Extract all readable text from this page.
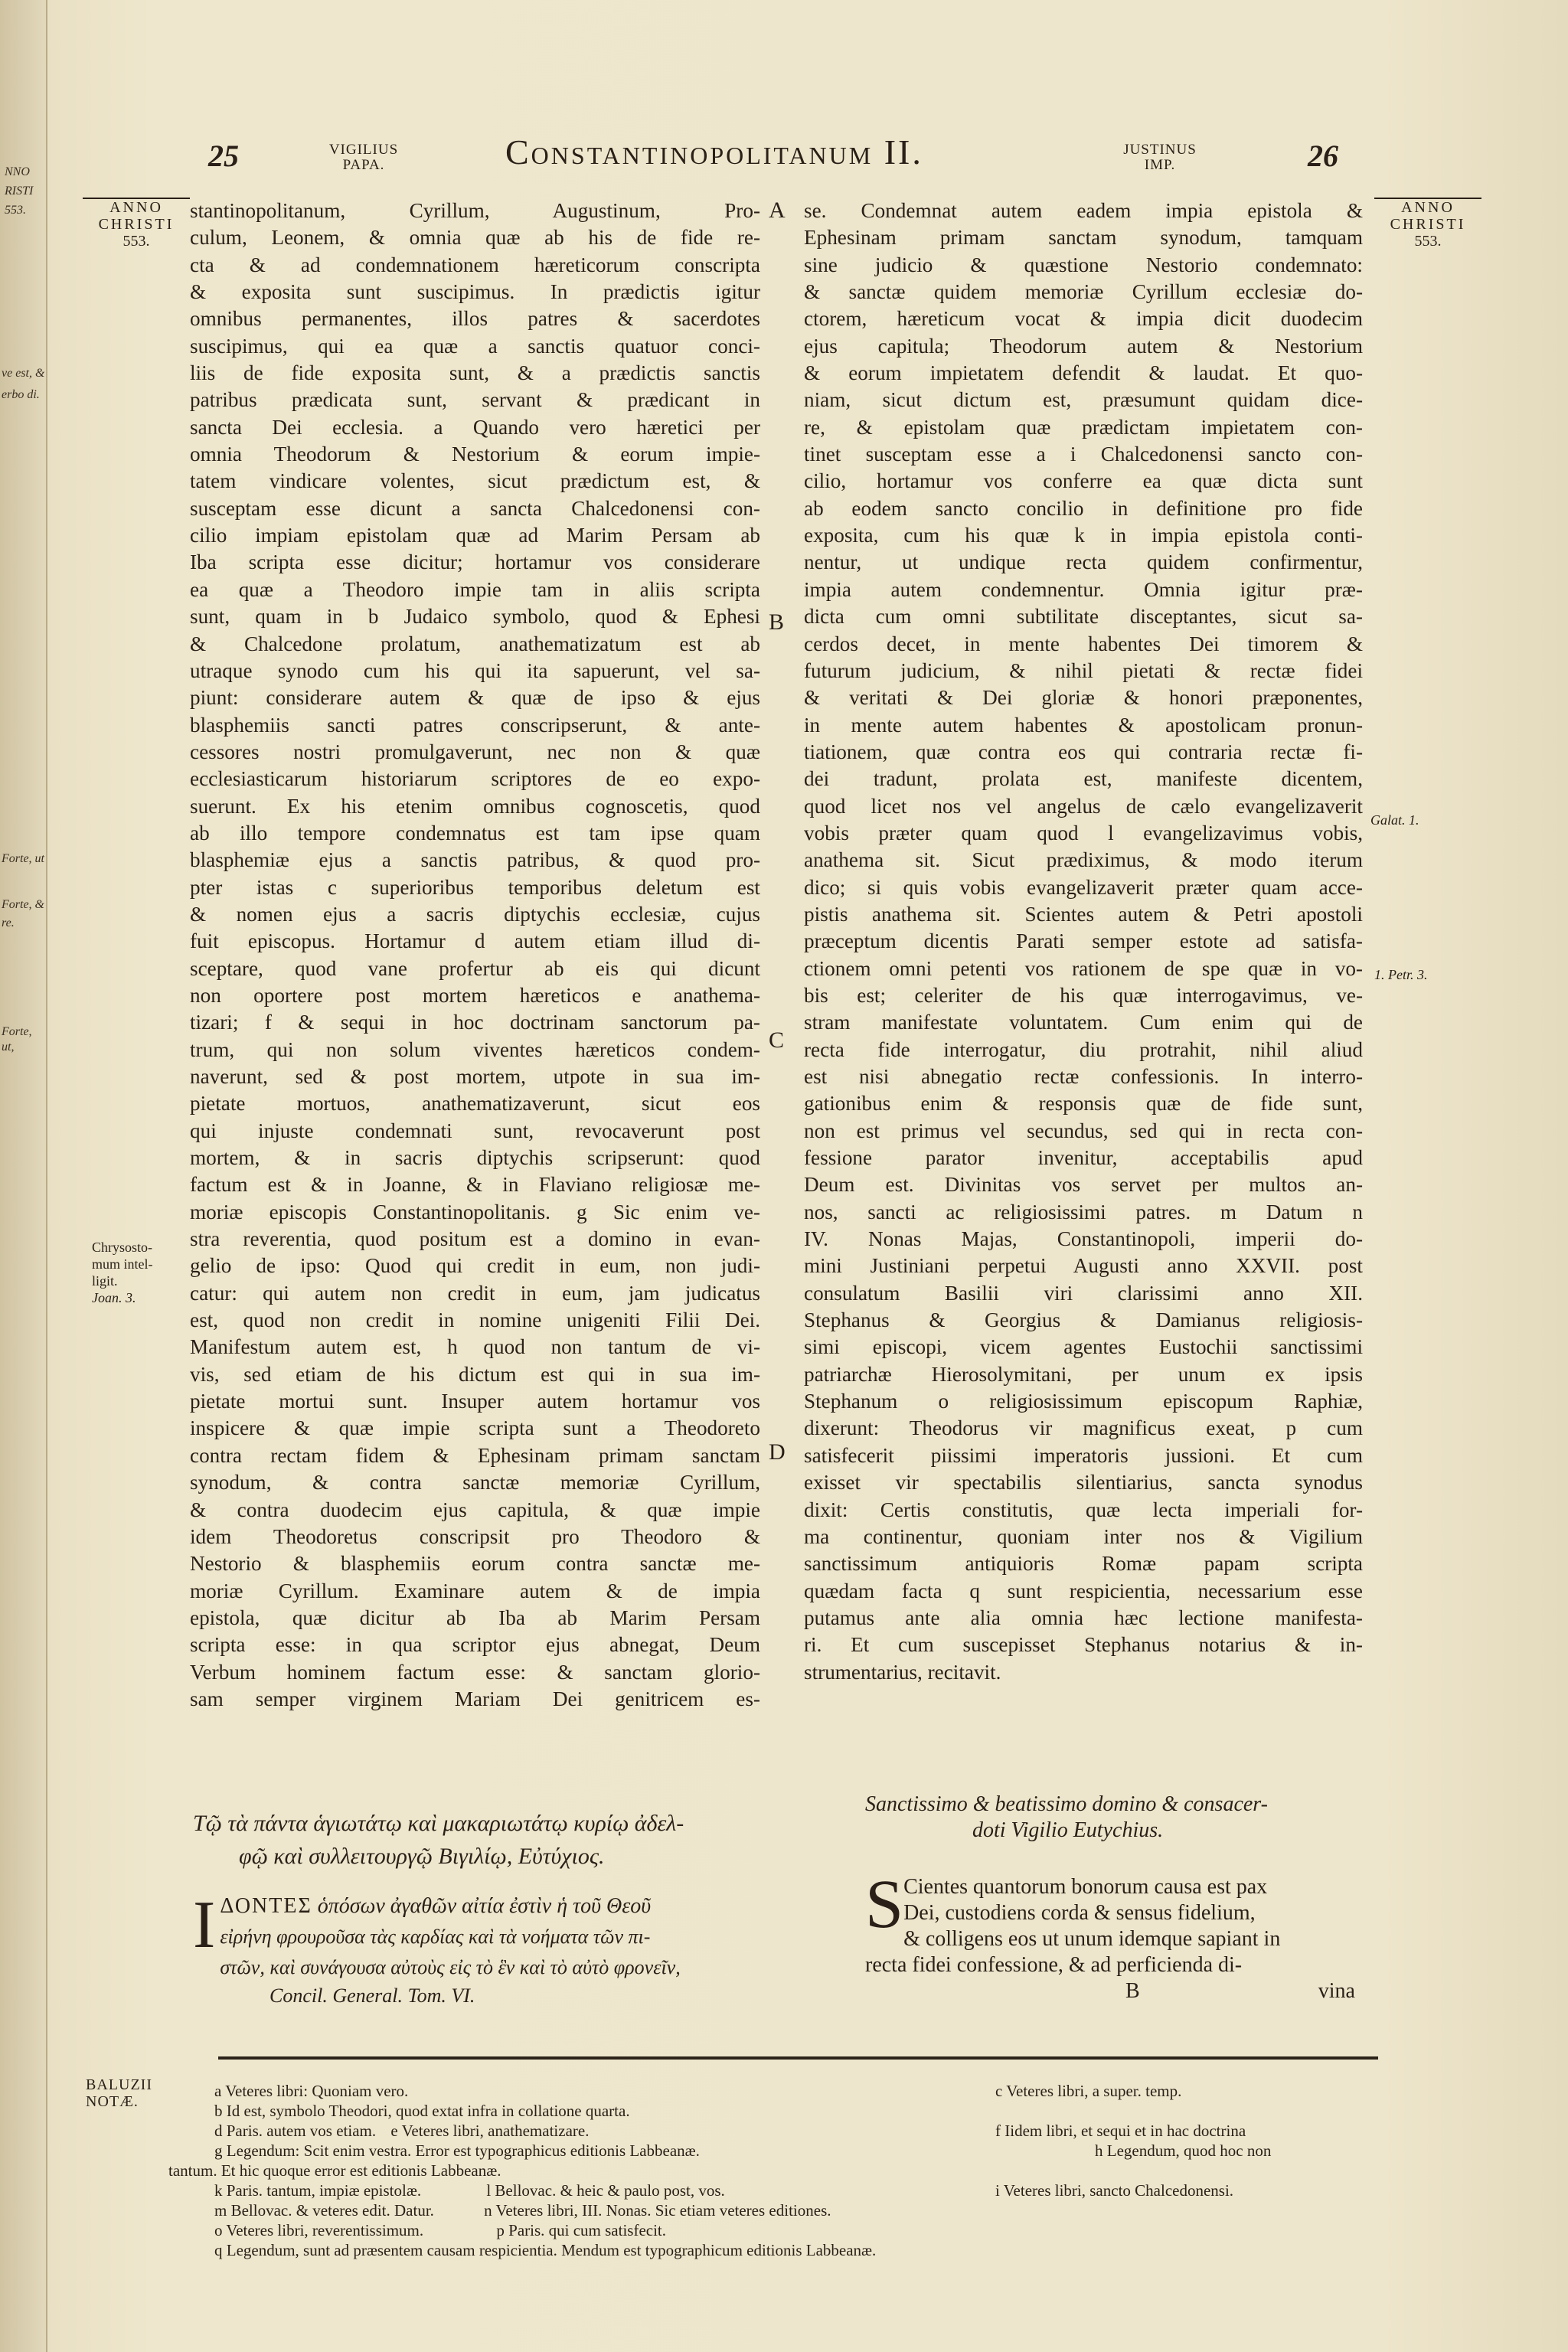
NNO
RISTI
553.
ve est, &
erbo di.
Forte, ut
Forte, &
re.
Forte, ut,
25	VIGILIUS
PAPA.	Constantinopolitanum II.	JUSTINUS
IMP.	26
ANNO
CHRISTI
553.
Chrysosto-
mum intel-
ligit.
Joan. 3.
ANNO
CHRISTI
553.
Galat. 1.
1. Petr. 3.
A
B
C
D
stantinopolitanum, Cyrillum, Augustinum, Pro-
culum, Leonem, & omnia quæ ab his de fide re-
cta & ad condemnationem hæreticorum conscripta
& exposita sunt suscipimus. In prædictis igitur
omnibus permanentes, illos patres & sacerdotes
suscipimus, qui ea quæ a sanctis quatuor conci-
liis de fide exposita sunt, & a prædictis sanctis
patribus prædicata sunt, servant & prædicant in
sancta Dei ecclesia. a Quando vero hæretici per
omnia Theodorum & Nestorium & eorum impie-
tatem vindicare volentes, sicut prædictum est, &
susceptam esse dicunt a sancta Chalcedonensi con-
cilio impiam epistolam quæ ad Marim Persam ab
Iba scripta esse dicitur; hortamur vos considerare
ea quæ a Theodoro impie tam in aliis scripta
sunt, quam in b Judaico symbolo, quod & Ephesi
& Chalcedone prolatum, anathematizatum est ab
utraque synodo cum his qui ita sapuerunt, vel sa-
piunt: considerare autem & quæ de ipso & ejus
blasphemiis sancti patres conscripserunt, & ante-
cessores nostri promulgaverunt, nec non & quæ
ecclesiasticarum historiarum scriptores de eo expo-
suerunt. Ex his etenim omnibus cognoscetis, quod
ab illo tempore condemnatus est tam ipse quam
blasphemiæ ejus a sanctis patribus, & quod pro-
pter istas c superioribus temporibus deletum est
& nomen ejus a sacris diptychis ecclesiæ, cujus
fuit episcopus. Hortamur d autem etiam illud di-
sceptare, quod vane profertur ab eis qui dicunt
non oportere post mortem hæreticos e anathema-
tizari; f & sequi in hoc doctrinam sanctorum pa-
trum, qui non solum viventes hæreticos condem-
naverunt, sed & post mortem, utpote in sua im-
pietate mortuos, anathematizaverunt, sicut eos
qui injuste condemnati sunt, revocaverunt post
mortem, & in sacris diptychis scripserunt: quod
factum est & in Joanne, & in Flaviano religiosæ me-
moriæ episcopis Constantinopolitanis. g Sic enim ve-
stra reverentia, quod positum est a domino in evan-
gelio de ipso: Quod qui credit in eum, non judi-
catur: qui autem non credit in eum, jam judicatus
est, quod non credit in nomine unigeniti Filii Dei.
Manifestum autem est, h quod non tantum de vi-
vis, sed etiam de his dictum est qui in sua im-
pietate mortui sunt. Insuper autem hortamur vos
inspicere & quæ impie scripta sunt a Theodoreto
contra rectam fidem & Ephesinam primam sanctam
synodum, & contra sanctæ memoriæ Cyrillum,
& contra duodecim ejus capitula, & quæ impie
idem Theodoretus conscripsit pro Theodoro &
Nestorio & blasphemiis eorum contra sanctæ me-
moriæ Cyrillum. Examinare autem & de impia
epistola, quæ dicitur ab Iba ab Marim Persam
scripta esse: in qua scriptor ejus abnegat, Deum
Verbum hominem factum esse: & sanctam glorio-
sam semper virginem Mariam Dei genitricem es-
se. Condemnat autem eadem impia epistola &
Ephesinam primam sanctam synodum, tamquam
sine judicio & quæstione Nestorio condemnato:
& sanctæ quidem memoriæ Cyrillum ecclesiæ do-
ctorem, hæreticum vocat & impia dicit duodecim
ejus capitula; Theodorum autem & Nestorium
& eorum impietatem defendit & laudat. Et quo-
niam, sicut dictum est, præsumunt quidam dice-
re, & epistolam quæ prædictam impietatem con-
tinet susceptam esse a i Chalcedonensi sancto con-
cilio, hortamur vos conferre ea quæ dicta sunt
ab eodem sancto concilio in definitione pro fide
exposita, cum his quæ k in impia epistola conti-
nentur, ut undique recta quidem confirmentur,
impia autem condemnentur. Omnia igitur præ-
dicta cum omni subtilitate disceptantes, sicut sa-
cerdos decet, in mente habentes Dei timorem &
futurum judicium, & nihil pietati & rectæ fidei
& veritati & Dei gloriæ & honori præponentes,
in mente autem habentes & apostolicam pronun-
tiationem, quæ contra eos qui contraria rectæ fi-
dei tradunt, prolata est, manifeste dicentem,
quod licet nos vel angelus de cælo evangelizaverit
vobis præter quam quod l evangelizavimus vobis,
anathema sit. Sicut prædiximus, & modo iterum
dico; si quis vobis evangelizaverit præter quam acce-
pistis anathema sit. Scientes autem & Petri apostoli
præceptum dicentis Parati semper estote ad satisfa-
ctionem omni petenti vos rationem de spe quæ in vo-
bis est; celeriter de his quæ interrogavimus, ve-
stram manifestate voluntatem. Cum enim qui de
recta fide interrogatur, diu protrahit, nihil aliud
est nisi abnegatio rectæ confessionis. In interro-
gationibus enim & responsis quæ de fide sunt,
non est primus vel secundus, sed qui in recta con-
fessione parator invenitur, acceptabilis apud
Deum est. Divinitas vos servet per multos an-
nos, sancti ac religiosissimi patres. m Datum n
IV. Nonas Majas, Constantinopoli, imperii do-
mini Justiniani perpetui Augusti anno XXVII. post
consulatum Basilii viri clarissimi anno XII.
Stephanus & Georgius & Damianus religiosis-
simi episcopi, vicem agentes Eustochii sanctissimi
patriarchæ Hierosolymitani, per unum ex ipsis
Stephanum o religiosissimum episcopum Raphiæ,
dixerunt: Theodorus vir magnificus exeat, p cum
satisfecerit piissimi imperatoris jussioni. Et cum
exisset vir spectabilis silentiarius, sancta synodus
dixit: Certis constitutis, quæ lecta imperiali for-
ma continentur, quoniam inter nos & Vigilium
sanctissimum antiquioris Romæ papam scripta
quædam facta q sunt respicientia, necessarium esse
putamus ante alia omnia hæc lectione manifesta-
ri. Et cum suscepisset Stephanus notarius & in-
strumentarius, recitavit.
Τῷ τὰ πάντα ἁγιωτάτῳ καὶ μακαριωτάτῳ κυρίῳ ἀδελ-
φῷ καὶ συλλειτουργῷ Βιγιλίῳ, Εὐτύχιος.
Ι ΔΟΝΤΕΣ ὁπόσων ἀγαθῶν αἰτία ἐστὶν ἡ τοῦ Θεοῦ
εἰρήνη φρουροῦσα τὰς καρδίας καὶ τὰ νοήματα τῶν πι-
στῶν, καὶ συνάγουσα αὐτοὺς εἰς τὸ ἓν καὶ τὸ αὐτὸ φρονεῖν,
Concil. General. Tom. VI.
Sanctissimo & beatissimo domino & consacer-
doti Vigilio Eutychius.
S Cientes quantorum bonorum causa est pax
Dei, custodiens corda & sensus fidelium,
& colligens eos ut unum idemque sapiant in
recta fidei confessione, & ad perficienda di-
B	vina
BALUZII
NOTÆ.
a Veteres libri: Quoniam vero.
b Id est, symbolo Theodori, quod extat infra in collatione quarta.
d Paris. autem vos etiam. e Veteres libri, anathematizare.
g Legendum: Scit enim vestra. Error est typographicus editionis Labbeanæ.
tantum. Et hic quoque error est editionis Labbeanæ.
k Paris. tantum, impiæ epistolæ.	l Bellovac. & heic & paulo post, vos.
m Bellovac. & veteres edit. Datur.	n Veteres libri, III. Nonas. Sic etiam veteres editiones.
o Veteres libri, reverentissimum.	p Paris. qui cum satisfecit.
q Legendum, sunt ad præsentem causam respicientia. Mendum est typographicum editionis Labbeanæ.
c Veteres libri, a super. temp.
f Iidem libri, et sequi et in hac doctrina
h Legendum, quod hoc non
i Veteres libri, sancto Chalcedonensi.
